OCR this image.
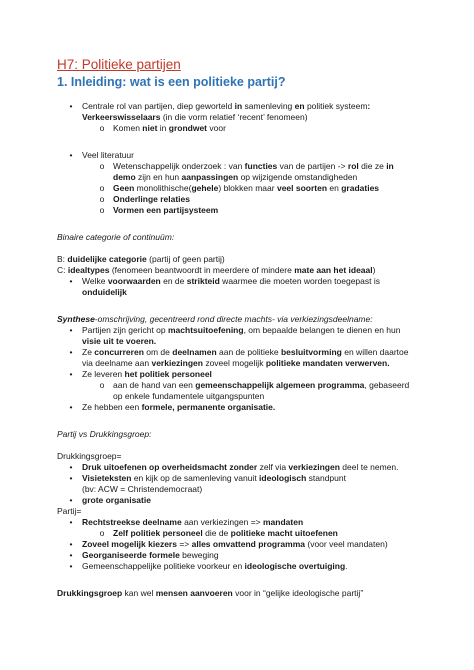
H7: Politieke partijen
1. Inleiding: wat is een politieke partij?
•	Centrale rol van partijen, diep geworteld in samenleving en politiek systeem:
Verkeerswisselaars (in die vorm relatief ‘recent’ fenomeen)
o	Komen niet in grondwet voor
•	Veel literatuur
o	Wetenschappelijk onderzoek : van functies van de partijen -> rol die ze in
demo zijn en hun aanpassingen op wijzigende omstandigheden
o	Geen monolithische(gehele) blokken maar veel soorten en gradaties
o	Onderlinge relaties
o	Vormen een partijsysteem
Binaire categorie of continuüm:
B: duidelijke categorie (partij of geen partij)
C: idealtypes (fenomeen beantwoordt in meerdere of mindere mate aan het ideaal)
•	Welke voorwaarden en de strikteid waarmee die moeten worden toegepast is
onduidelijk
Synthese-omschrijving, gecentreerd rond directe machts- via verkiezingsdeelname:
•	Partijen zijn gericht op machtsuitoefening, om bepaalde belangen te dienen en hun
visie uit te voeren.
•	Ze concurreren om de deelnamen aan de politieke besluitvorming en willen daartoe
via deelname aan verkiezingen zoveel mogelijk politieke mandaten verwerven.
•	Ze leveren het politiek personeel
o	aan de hand van een gemeenschappelijk algemeen programma, gebaseerd
op enkele fundamentele uitgangspunten
•	Ze hebben een formele, permanente organisatie.
Partij vs Drukkingsgroep:
Drukkingsgroep=
•	Druk uitoefenen op overheidsmacht zonder zelf via verkiezingen deel te nemen.
•	Visieteksten en kijk op de samenleving vanuit ideologisch standpunt
(bv: ACW = Christendemocraat)
•	grote organisatie
Partij=
•	Rechtstreekse deelname aan verkiezingen => mandaten
o	Zelf politiek personeel die de politieke macht uitoefenen
•	Zoveel mogelijk kiezers => alles omvattend programma (voor veel mandaten)
•	Georganiseerde formele beweging
•	Gemeenschappelijke politieke voorkeur en ideologische overtuiging.
Drukkingsgroep kan wel mensen aanvoeren voor in “gelijke ideologische partij”
